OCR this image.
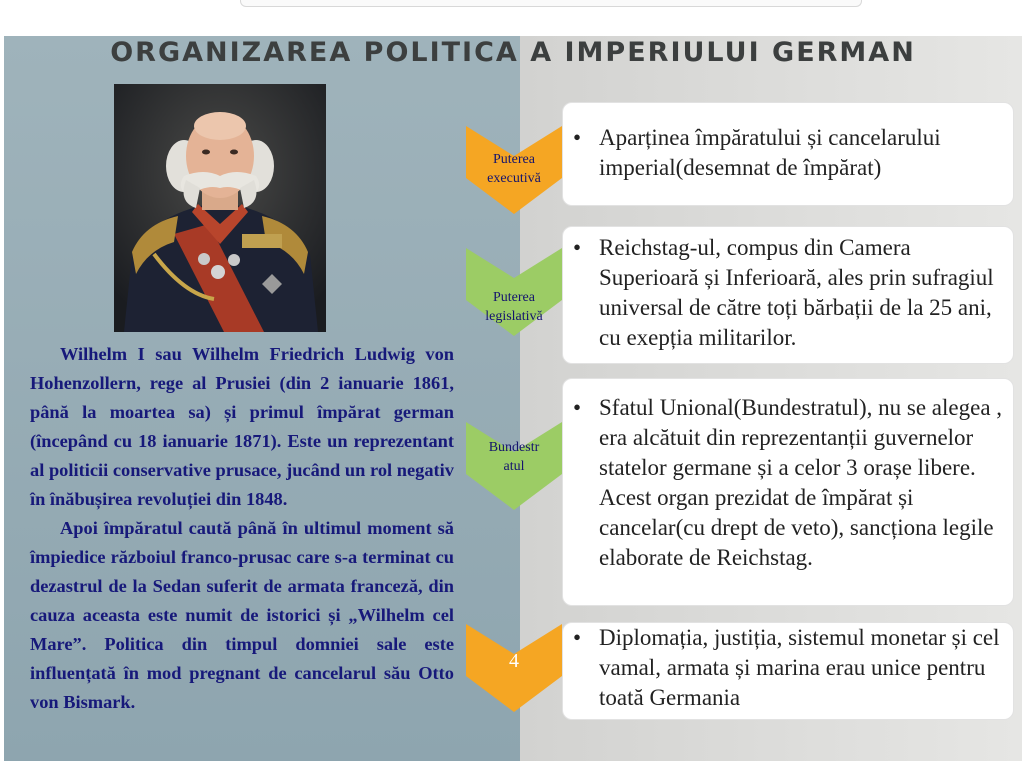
ORGANIZAREA POLITICA A IMPERIULUI GERMAN

Wilhelm I sau Wilhelm Friedrich Ludwig von Hohenzollern, rege al Prusiei (din 2 ianuarie 1861, până la moartea sa) și primul împărat german (începând cu 18 ianuarie 1871). Este un reprezentant al politicii conservative prusace, jucând un rol negativ în înăbușirea revoluției din 1848.

Apoi împăratul caută până în ultimul moment să împiedice războiul franco-prusac care s-a terminat cu dezastrul de la Sedan suferit de armata franceză, din cauza aceasta este numit de istorici și „Wilhelm cel Mare”. Politica din timpul domniei sale este influențată în mod pregnant de cancelarul său Otto von Bismark.

Puterea
executivă
• Aparținea împăratului și cancelarului imperial(desemnat de împărat)
Puterea
legislativă
• Reichstag-ul, compus din Camera Superioară și Inferioară, ales prin sufragiul universal de către toți bărbații de la 25 ani, cu exepția militarilor.
Bundestr
atul
• Sfatul Unional(Bundestratul), nu se alegea , era alcătuit din reprezentanții guvernelor statelor germane și a celor 3 orașe libere. Acest organ prezidat de împărat și cancelar(cu drept de veto), sancționa legile elaborate de Reichstag.
4
• Diplomația, justiția, sistemul monetar și cel vamal, armata și marina erau unice pentru toată Germania
